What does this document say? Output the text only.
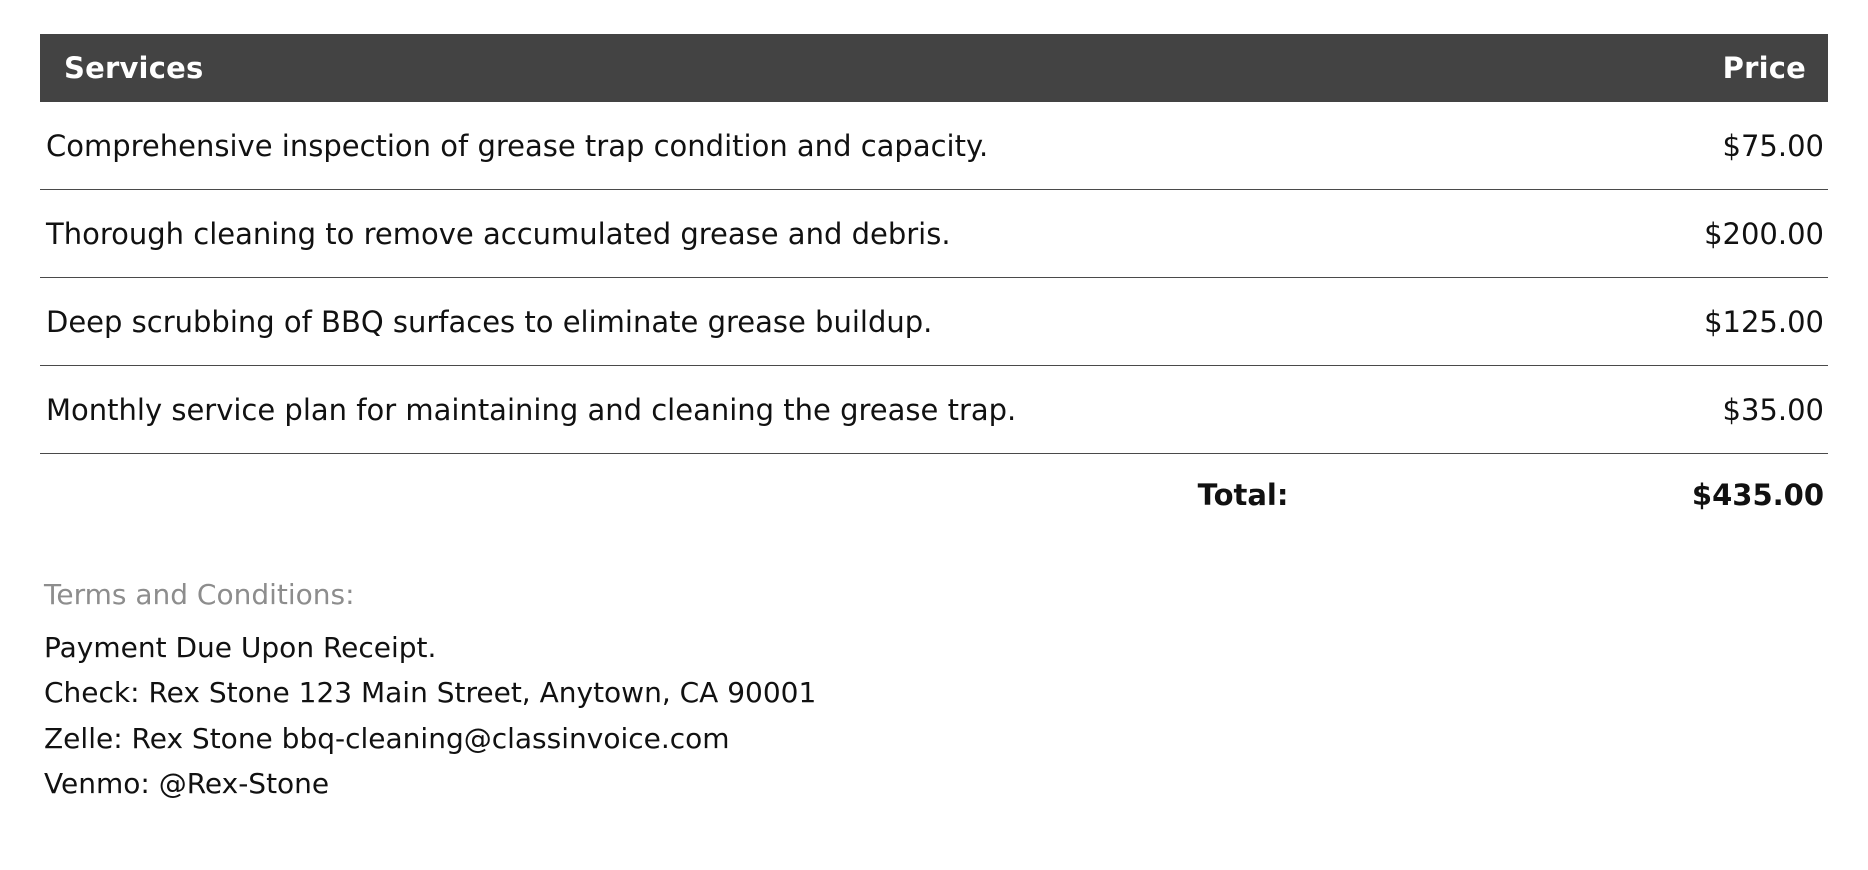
Services	Price
Comprehensive inspection of grease trap condition and capacity.	$75.00
Thorough cleaning to remove accumulated grease and debris.	$200.00
Deep scrubbing of BBQ surfaces to eliminate grease buildup.	$125.00
Monthly service plan for maintaining and cleaning the grease trap.	$35.00
Total:	$435.00
Terms and Conditions:
Payment Due Upon Receipt.
Check: Rex Stone 123 Main Street, Anytown, CA 90001
Zelle: Rex Stone bbq-cleaning@classinvoice.com
Venmo: @Rex-Stone
